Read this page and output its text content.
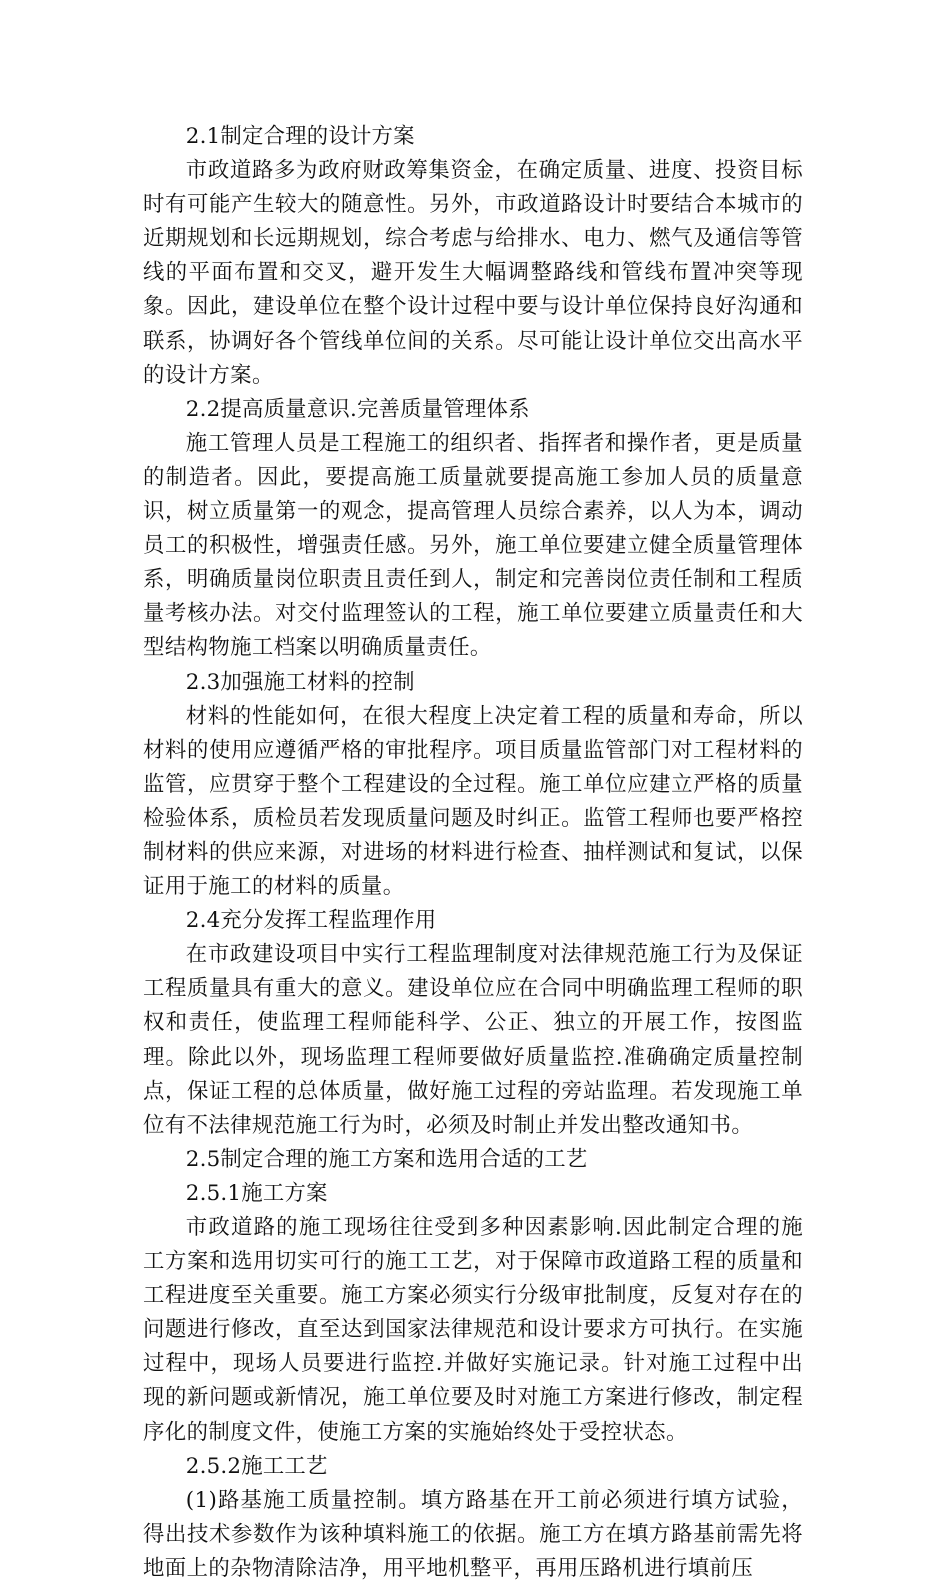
2.1制定合理的设计方案

市政道路多为政府财政筹集资金，在确定质量、进度、投资目标时有可能产生较大的随意性。另外，市政道路设计时要结合本城市的近期规划和长远期规划，综合考虑与给排水、电力、燃气及通信等管线的平面布置和交叉，避开发生大幅调整路线和管线布置冲突等现象。因此，建设单位在整个设计过程中要与设计单位保持良好沟通和联系，协调好各个管线单位间的关系。尽可能让设计单位交出高水平的设计方案。

2.2提高质量意识.完善质量管理体系

施工管理人员是工程施工的组织者、指挥者和操作者，更是质量的制造者。因此，要提高施工质量就要提高施工参加人员的质量意识，树立质量第一的观念，提高管理人员综合素养，以人为本，调动员工的积极性，增强责任感。另外，施工单位要建立健全质量管理体系，明确质量岗位职责且责任到人，制定和完善岗位责任制和工程质量考核办法。对交付监理签认的工程，施工单位要建立质量责任和大型结构物施工档案以明确质量责任。

2.3加强施工材料的控制

材料的性能如何，在很大程度上决定着工程的质量和寿命，所以材料的使用应遵循严格的审批程序。项目质量监管部门对工程材料的监管，应贯穿于整个工程建设的全过程。施工单位应建立严格的质量检验体系，质检员若发现质量问题及时纠正。监管工程师也要严格控制材料的供应来源，对进场的材料进行检查、抽样测试和复试，以保证用于施工的材料的质量。

2.4充分发挥工程监理作用

在市政建设项目中实行工程监理制度对法律规范施工行为及保证工程质量具有重大的意义。建设单位应在合同中明确监理工程师的职权和责任，使监理工程师能科学、公正、独立的开展工作，按图监理。除此以外，现场监理工程师要做好质量监控.准确确定质量控制点，保证工程的总体质量，做好施工过程的旁站监理。若发现施工单位有不法律规范施工行为时，必须及时制止并发出整改通知书。

2.5制定合理的施工方案和选用合适的工艺

2.5.1施工方案

市政道路的施工现场往往受到多种因素影响.因此制定合理的施工方案和选用切实可行的施工工艺，对于保障市政道路工程的质量和工程进度至关重要。施工方案必须实行分级审批制度，反复对存在的问题进行修改，直至达到国家法律规范和设计要求方可执行。在实施过程中，现场人员要进行监控.并做好实施记录。针对施工过程中出现的新问题或新情况，施工单位要及时对施工方案进行修改，制定程序化的制度文件，使施工方案的实施始终处于受控状态。

2.5.2施工工艺

(1)路基施工质量控制。填方路基在开工前必须进行填方试验，得出技术参数作为该种填料施工的依据。施工方在填方路基前需先将地面上的杂物清除洁净，用平地机整平，再用压路机进行填前压
